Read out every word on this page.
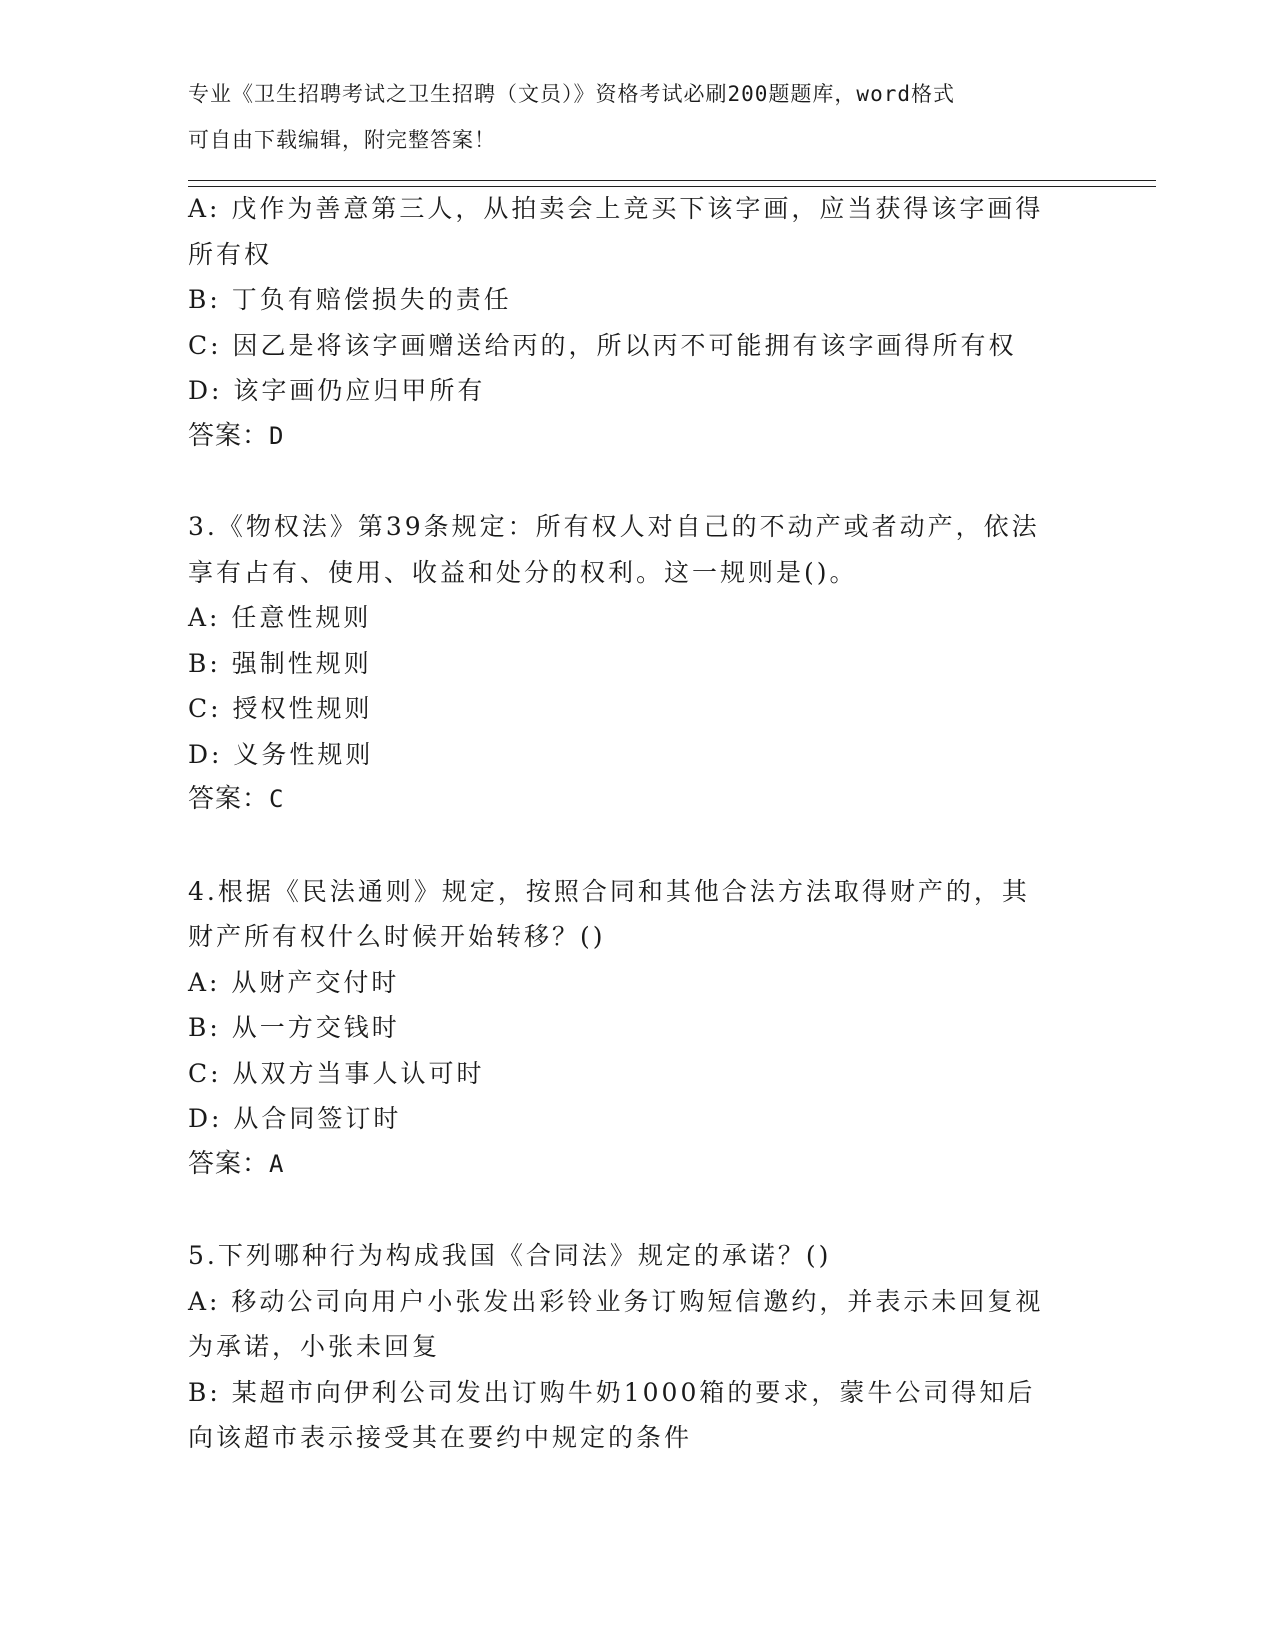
专业《卫生招聘考试之卫生招聘（文员）》资格考试必刷200题题库，word格式
可自由下载编辑，附完整答案！
A: 戊作为善意第三人，从拍卖会上竞买下该字画，应当获得该字画得
所有权
B: 丁负有赔偿损失的责任
C: 因乙是将该字画赠送给丙的，所以丙不可能拥有该字画得所有权
D: 该字画仍应归甲所有
答案：D
3.《物权法》第39条规定：所有权人对自己的不动产或者动产，依法
享有占有、使用、收益和处分的权利。这一规则是()。
A: 任意性规则
B: 强制性规则
C: 授权性规则
D: 义务性规则
答案：C
4.根据《民法通则》规定，按照合同和其他合法方法取得财产的，其
财产所有权什么时候开始转移？()
A: 从财产交付时
B: 从一方交钱时
C: 从双方当事人认可时
D: 从合同签订时
答案：A
5.下列哪种行为构成我国《合同法》规定的承诺？()
A: 移动公司向用户小张发出彩铃业务订购短信邀约，并表示未回复视
为承诺，小张未回复
B: 某超市向伊利公司发出订购牛奶1000箱的要求，蒙牛公司得知后
向该超市表示接受其在要约中规定的条件
